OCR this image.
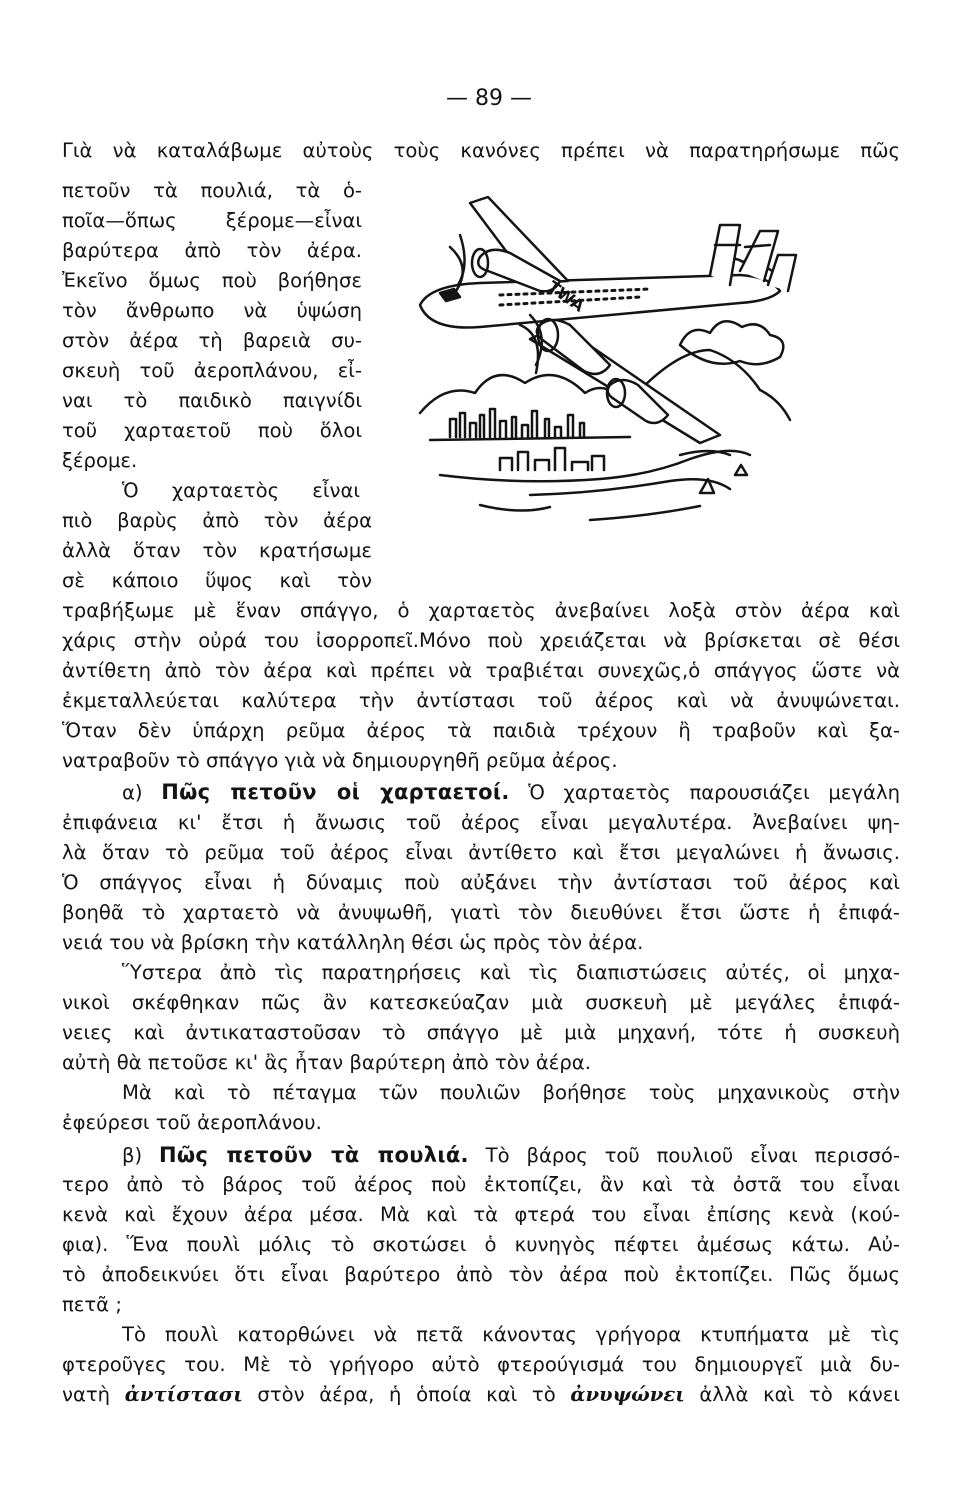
— 89 —
TWA
Γιὰ νὰ καταλάβωμε αὐτοὺς τοὺς κανόνες πρέπει νὰ παρατηρήσωμε πῶς
πετοῦν τὰ πουλιά, τὰ ὁ-
ποῖα—ὅπως ξέρομε—εἶναι
βαρύτερα ἀπὸ τὸν ἀέρα.
Ἐκεῖνο ὅμως ποὺ βοήθησε
τὸν ἄνθρωπο νὰ ὑψώση
στὸν ἀέρα τὴ βαρειὰ συ-
σκευὴ τοῦ ἀεροπλάνου, εἶ-
ναι τὸ παιδικὸ παιγνίδι
τοῦ χαρταετοῦ ποὺ ὅλοι
ξέρομε.
Ὁ χαρταετὸς εἶναι
πιὸ βαρὺς ἀπὸ τὸν ἀέρα
ἀλλὰ ὅταν τὸν κρατήσωμε
σὲ κάποιο ὕψος καὶ τὸν
τραβήξωμε μὲ ἕναν σπάγγο, ὁ χαρταετὸς ἀνεβαίνει λοξὰ στὸν ἀέρα καὶ
χάρις στὴν οὐρά του ἰσορροπεῖ.Μόνο ποὺ χρειάζεται νὰ βρίσκεται σὲ θέσι
ἀντίθετη ἀπὸ τὸν ἀέρα καὶ πρέπει νὰ τραβιέται συνεχῶς,ὁ σπάγγος ὥστε νὰ
ἐκμεταλλεύεται καλύτερα τὴν ἀντίστασι τοῦ ἀέρος καὶ νὰ ἀνυψώνεται.
Ὅταν δὲν ὑπάρχη ρεῦμα ἀέρος τὰ παιδιὰ τρέχουν ἢ τραβοῦν καὶ ξα-
νατραβοῦν τὸ σπάγγο γιὰ νὰ δημιουργηθῆ ρεῦμα ἀέρος.
α) Πῶς πετοῦν οἱ χαρταετοί. Ὁ χαρταετὸς παρουσιάζει μεγάλη
ἐπιφάνεια κι' ἔτσι ἡ ἄνωσις τοῦ ἀέρος εἶναι μεγαλυτέρα. Ἀνεβαίνει ψη-
λὰ ὅταν τὸ ρεῦμα τοῦ ἀέρος εἶναι ἀντίθετο καὶ ἔτσι μεγαλώνει ἡ ἄνωσις.
Ὁ σπάγγος εἶναι ἡ δύναμις ποὺ αὐξάνει τὴν ἀντίστασι τοῦ ἀέρος καὶ
βοηθᾶ τὸ χαρταετὸ νὰ ἀνυψωθῆ, γιατὶ τὸν διευθύνει ἔτσι ὥστε ἡ ἐπιφά-
νειά του νὰ βρίσκη τὴν κατάλληλη θέσι ὡς πρὸς τὸν ἀέρα.
Ὕστερα ἀπὸ τὶς παρατηρήσεις καὶ τὶς διαπιστώσεις αὐτές, οἱ μηχα-
νικοὶ σκέφθηκαν πῶς ἂν κατεσκεύαζαν μιὰ συσκευὴ μὲ μεγάλες ἐπιφά-
νειες καὶ ἀντικαταστοῦσαν τὸ σπάγγο μὲ μιὰ μηχανή, τότε ἡ συσκευὴ
αὐτὴ θὰ πετοῦσε κι' ἂς ἦταν βαρύτερη ἀπὸ τὸν ἀέρα.
Μὰ καὶ τὸ πέταγμα τῶν πουλιῶν βοήθησε τοὺς μηχανικοὺς στὴν
ἐφεύρεσι τοῦ ἀεροπλάνου.
β) Πῶς πετοῦν τὰ πουλιά. Τὸ βάρος τοῦ πουλιοῦ εἶναι περισσό-
τερο ἀπὸ τὸ βάρος τοῦ ἀέρος ποὺ ἐκτοπίζει, ἂν καὶ τὰ ὀστᾶ του εἶναι
κενὰ καὶ ἔχουν ἀέρα μέσα. Μὰ καὶ τὰ φτερά του εἶναι ἐπίσης κενὰ (κού-
φια). Ἕνα πουλὶ μόλις τὸ σκοτώσει ὁ κυνηγὸς πέφτει ἀμέσως κάτω. Αὐ-
τὸ ἀποδεικνύει ὅτι εἶναι βαρύτερο ἀπὸ τὸν ἀέρα ποὺ ἐκτοπίζει. Πῶς ὅμως
πετᾶ ;
Τὸ πουλὶ κατορθώνει νὰ πετᾶ κάνοντας γρήγορα κτυπήματα μὲ τὶς
φτεροῦγες του. Μὲ τὸ γρήγορο αὐτὸ φτερούγισμά του δημιουργεῖ μιὰ δυ-
νατὴ ἀντίστασι στὸν ἀέρα, ἡ ὁποία καὶ τὸ ἀνυψώνει ἀλλὰ καὶ τὸ κάνει
